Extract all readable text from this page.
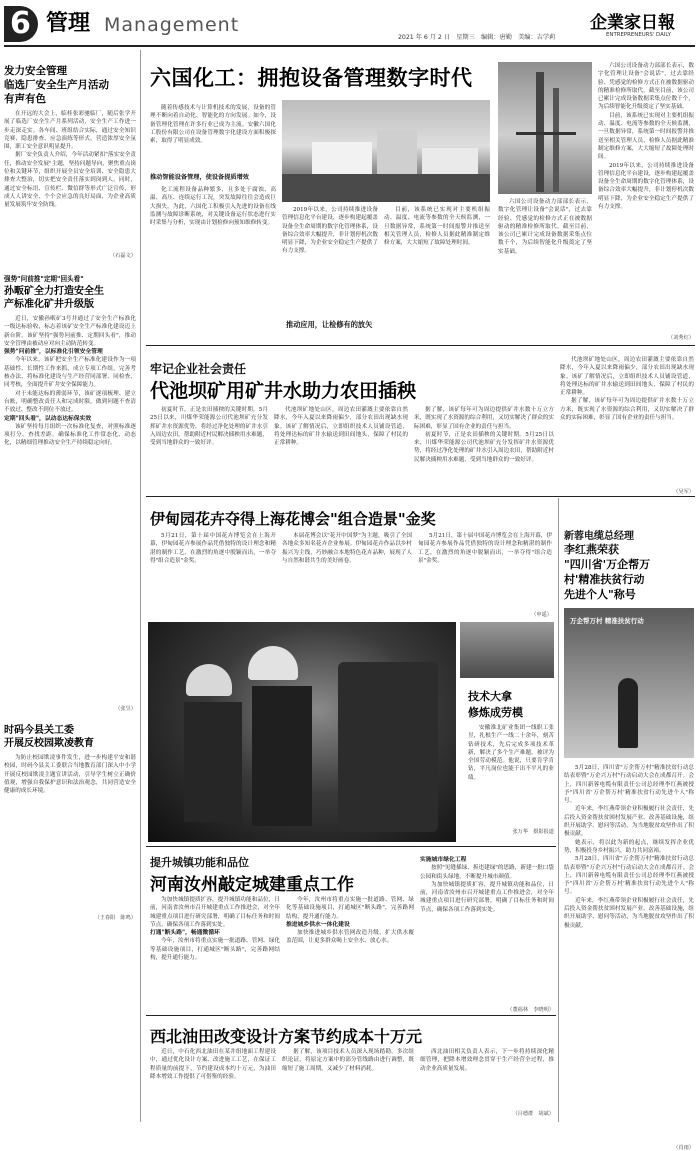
6 管理 Management	企業家日報
2021 年 6 月 2 日　星期三　编辑：唐勤　美编：吉学莉	ENTREPRENEURS' DAILY
发力安全管理
临选厂安全生产月活动
有声有色

在开远的大会上，临桂张彩驰临厂，随后张学开展了临选厂安全生产月系列活动，安全生产工作进一步走深走实。各车间、班组结合实际，通过安全知识竞赛、隐患排查、应急演练等形式，营造浓厚安全氛围，职工安全意识明显提升。

据厂安全负责人介绍，今年活动紧扣"落实安全责任，推动安全发展"主题，坚持问题导向，聚焦重点岗位和关键环节，组织开展全员安全培训、安全隐患大排查大整治，切实把安全责任落实到岗到人。同时，通过安全标语、宣传栏、微信群等形式广泛宣传，形成人人讲安全、个个会应急的良好局面，为企业高质量发展筑牢安全防线。

（石磊文）
强势"问前推"定期"回头看"
孙畈矿全力打造安全生
产标准化矿井升级版

近日，安徽孙畈矿3号井通过了安全生产标准化一级达标验收，标志着该矿安全生产标准化建设迈上新台阶。该矿坚持"强势问前推、定期回头看"，推动安全管理由被动应对向主动防范转变。

强势"问前推"，以标准化引领安全管理

今年以来，该矿把安全生产标准化建设作为一项基础性、长期性工作来抓，成立专项工作组，完善考核办法，将标准化建设与生产经营同部署、同检查、同考核，全面提升矿井安全保障能力。

对于未能达标的薄弱环节，该矿逐项梳理、建立台账，明确整改责任人和完成时限，做到问题不查清不放过、整改不到位不放过。

定期"回头看"，以动态达标保实效

该矿坚持每月组织一次标准化复查，对照标准逐项打分、查找差距，确保标准化工作常态化、动态化，以精细管理推动安全生产持续稳定向好。

（张昱）
时码今县关工委
开展反校园欺凌教育

为防止校园欺凌事件发生，进一步构建平安和谐校园，时码今县关工委联合当地教育部门深入中小学开展反校园欺凌主题宣讲活动，引导学生树立正确价值观，增强自我保护意识和法治观念，共同营造安全健康的成长环境。

（王春阳　陈鸣）
六国化工：拥抱设备管理数字时代

随着传感技术与计算机技术的发展，设备的管理不断向着自动化、智能化的方向发展。如今，设备管理化管理在许多行业已成为主流。安徽六国化工股份有限公司在设备管理数字化建设方面积极探索，取得了明显成效。

推动智能设备管理，使设备提质增效

化工流程设备品种繁多，且多处于腐蚀、高温、高压、连续运行工况，突发故障往往会造成巨大损失。为此，六国化工积极引入先进的设备在线监测与故障诊断系统，对关键设备运行状态进行实时采集与分析，实现由计划检修向预知维修转变。

2019年以来，公司持续推进设备管理信息化平台建设，逐步构建起覆盖设备全生命周期的数字化管理体系，设备综合效率大幅提升，非计划停机次数明显下降，为企业安全稳定生产提供了有力支撑。

目前，该系统已实现对主要机组振动、温度、电流等参数的全天候监测，一旦数据异常，系统第一时间报警并推送至相关管理人员，检修人员据此精准制定维修方案，大大缩短了故障处理时间。

推动应用，让检修有的放矢

六国公司设备动力部部长表示，数字化管理让设备"会说话"，过去靠经验、凭感觉的检修方式正在被数据驱动的精准检修所取代。截至目前，该公司已累计完成设备数据采集点位数千个，为后续智能化升级奠定了坚实基础。

六国公司设备动力部部长表示，数字化管理让设备"会说话"，过去靠经验、凭感觉的检修方式正在被数据驱动的精准检修所取代。截至目前，该公司已累计完成设备数据采集点位数千个，为后续智能化升级奠定了坚实基础。

目前，该系统已实现对主要机组振动、温度、电流等参数的全天候监测，一旦数据异常，系统第一时间报警并推送至相关管理人员，检修人员据此精准制定维修方案，大大缩短了故障处理时间。

2019年以来，公司持续推进设备管理信息化平台建设，逐步构建起覆盖设备全生命周期的数字化管理体系，设备综合效率大幅提升，非计划停机次数明显下降，为企业安全稳定生产提供了有力支撑。

（刘秀红）
牢记企业社会责任
代池坝矿用矿井水助力农田插秧

初夏时节，正是农田插秧的关键时期。5月25日以来，川煤华荣能源公司代池坝矿充分发挥矿井水资源优势，将经过净化处理的矿井水引入周边农田，帮助附近村民解决插秧用水难题，受到当地群众的一致好评。

代池坝矿地处山区，周边农田灌溉主要依靠自然降水，今年入夏以来降雨偏少，部分农田出现缺水现象。该矿了解情况后，立即组织技术人员铺设管道，将处理达标的矿井水输送到田间地头，保障了村民的正常耕种。

据了解，该矿每年可为周边提供矿井水数十万立方米，既实现了水资源的综合利用，又切实解决了群众的实际困难，彰显了国有企业的责任与担当。

初夏时节，正是农田插秧的关键时期。5月25日以来，川煤华荣能源公司代池坝矿充分发挥矿井水资源优势，将经过净化处理的矿井水引入周边农田，帮助附近村民解决插秧用水难题，受到当地群众的一致好评。

代池坝矿地处山区，周边农田灌溉主要依靠自然降水，今年入夏以来降雨偏少，部分农田出现缺水现象。该矿了解情况后，立即组织技术人员铺设管道，将处理达标的矿井水输送到田间地头，保障了村民的正常耕种。

据了解，该矿每年可为周边提供矿井水数十万立方米，既实现了水资源的综合利用，又切实解决了群众的实际困难，彰显了国有企业的责任与担当。

（吴军）
伊甸园花卉夺得上海花博会"组合造景"金奖

5月21日，第十届中国花卉博览会在上海开幕，伊甸园花卉参展作品凭借独特的设计理念和精湛的制作工艺，在激烈的角逐中脱颖而出，一举夺得"组合造景"金奖。

本届花博会以"花开中国梦"为主题，吸引了全国各地众多知名花卉企业参展。伊甸园花卉作品以乡村振兴为主线，巧妙融合本地特色花卉品种，展现了人与自然和谐共生的美好画卷。

5月21日，第十届中国花卉博览会在上海开幕，伊甸园花卉参展作品凭借独特的设计理念和精湛的制作工艺，在激烈的角逐中脱颖而出，一举夺得"组合造景"金奖。

（申遥）
技术大拿
修炼成劳模

安徽淮北矿业集团一线职工张昱，扎根生产一线二十余年，刻苦钻研技术，先后完成多项技术革新，解决了多个生产难题，被评为全国劳动模范。他说，只要肯学肯钻，平凡岗位也能干出不平凡的业绩。

张万华　摄影报道
提升城镇功能和品位
河南汝州敲定城建重点工作

为加快城镇提质扩容，提升城镇功能和品位，日前，河南省汝州市召开城建重点工作推进会，对全年城建重点项目进行研究部署，明确了目标任务和时间节点，确保各项工作落到实处。

打通"断头路"，畅通微循环

今年，汝州市将重点实施一批道路、管网、绿化等基础设施项目，打通城区"断头路"，完善路网结构，提升通行能力。

今年，汝州市将重点实施一批道路、管网、绿化等基础设施项目，打通城区"断头路"，完善路网结构，提升通行能力。

推进城乡供水一体化建设

加快推进城乡供水管网改造升级，扩大供水覆盖范围，让更多群众喝上安全水、放心水。

实施城市绿化工程

按照"见缝插绿、拆违建绿"的思路，新建一批口袋公园和街头绿地，不断提升城市颜值。

为加快城镇提质扩容，提升城镇功能和品位，日前，河南省汝州市召开城建重点工作推进会，对全年城建重点项目进行研究部署，明确了目标任务和时间节点，确保各项工作落到实处。

（董福林　李晓明）
西北油田改变设计方案节约成本十万元

近日，中石化西北油田在某井组地面工程建设中，通过优化设计方案、改进施工工艺，在保证工程质量的前提下，节约建设成本约十万元，为油田降本增效工作提供了可借鉴的经验。

据了解，该项目技术人员深入现场踏勘，多次组织论证，将原定方案中的部分管线路由进行调整，既缩短了施工周期，又减少了材料消耗。

西北油田相关负责人表示，下一步将持续深化精细管理，把降本增效理念贯穿于生产经营全过程，推动企业高质量发展。

（吕德群　胡斌）
新蓉电缆总经理
李红燕荣获
"四川省'万企帮万
村'精准扶贫行动
先进个人"称号
万企帮万村 精准扶贫行动

5月28日，四川省"万企帮万村"精准扶贫行动总结表彰暨"万企兴万村"行动启动大会在成都召开。会上，四川新蓉电缆有限责任公司总经理李红燕被授予"四川省'万企帮万村'精准扶贫行动先进个人"称号。

近年来，李红燕带领企业积极履行社会责任，先后投入资金帮扶贫困村发展产业、改善基础设施，组织开展助学、慰问等活动，为当地脱贫攻坚作出了积极贡献。

她表示，将以此为新的起点，继续发挥企业优势，积极投身乡村振兴，助力共同富裕。

5月28日，四川省"万企帮万村"精准扶贫行动总结表彰暨"万企兴万村"行动启动大会在成都召开。会上，四川新蓉电缆有限责任公司总经理李红燕被授予"四川省'万企帮万村'精准扶贫行动先进个人"称号。

近年来，李红燕带领企业积极履行社会责任，先后投入资金帮扶贫困村发展产业、改善基础设施，组织开展助学、慰问等活动，为当地脱贫攻坚作出了积极贡献。

（肖雨）
